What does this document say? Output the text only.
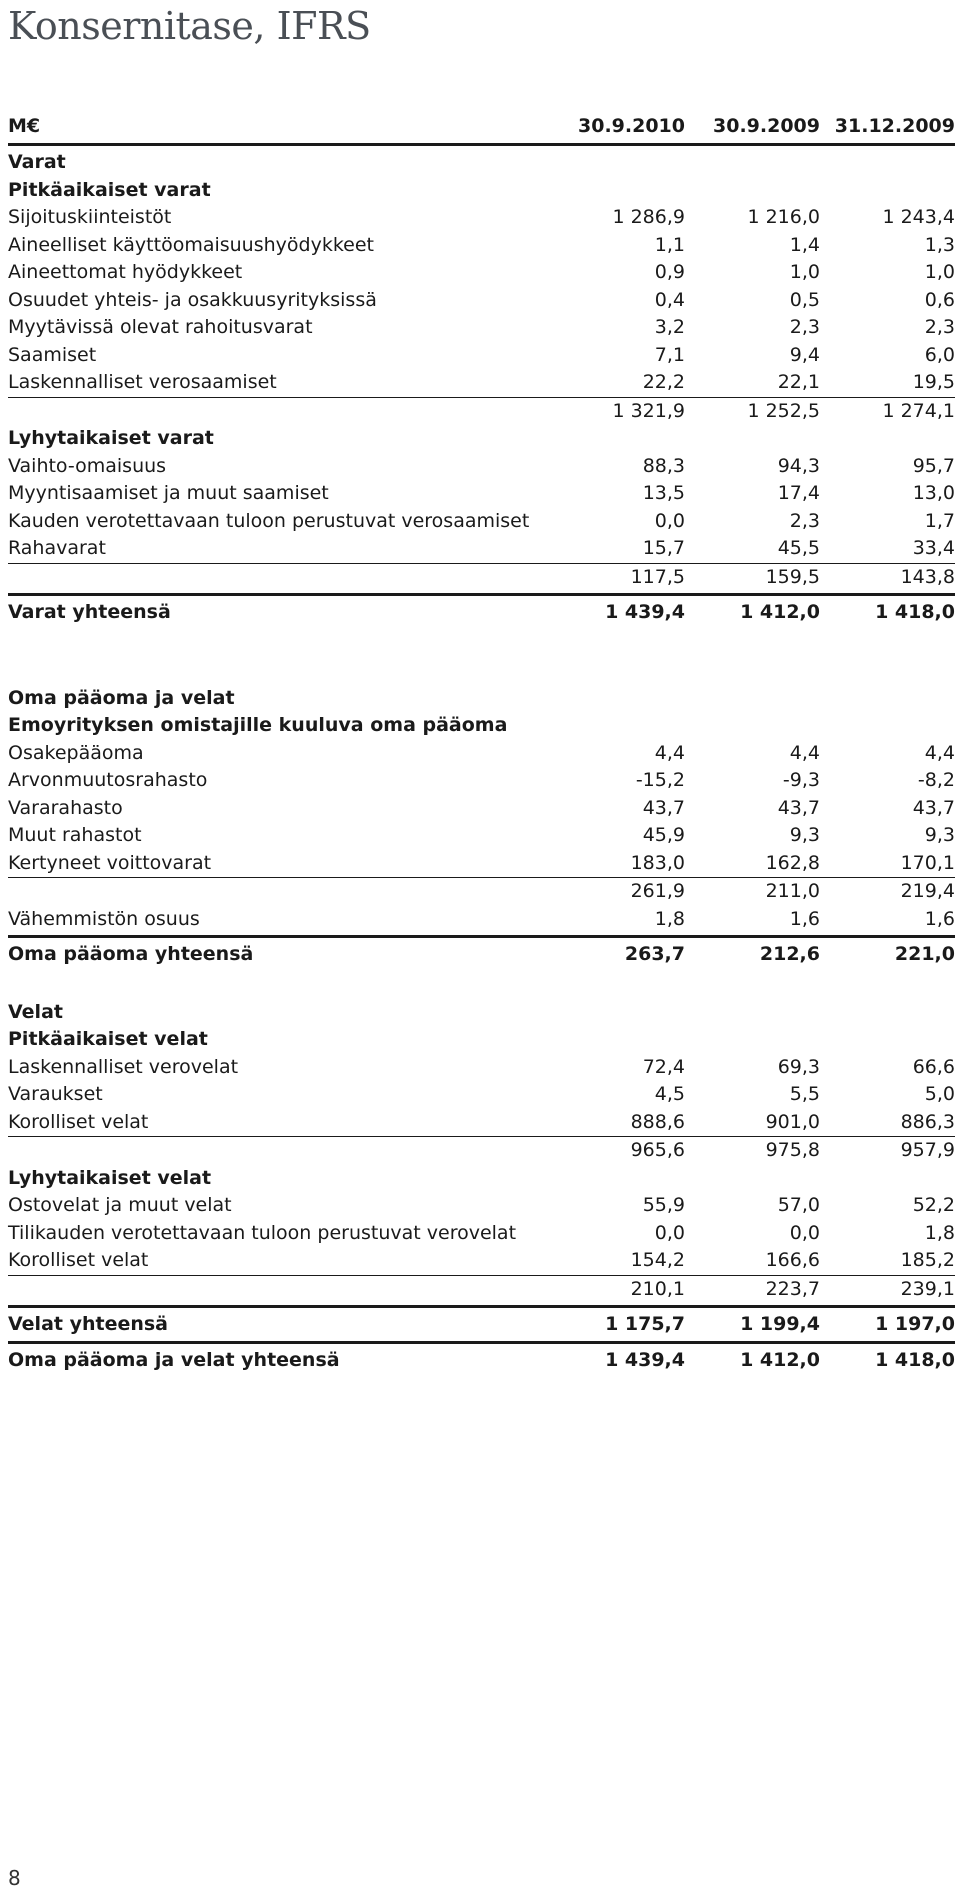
Konsernitase, IFRS
M€	30.9.2010	30.9.2009 31.12.2009
Varat
Pitkäaikaiset varat
Sijoituskiinteistöt	1 286,9	1 216,0	1 243,4
Aineelliset käyttöomaisuushyödykkeet	1,1	1,4	1,3
Aineettomat hyödykkeet	0,9	1,0	1,0
Osuudet yhteis- ja osakkuusyrityksissä	0,4	0,5	0,6
Myytävissä olevat rahoitusvarat	3,2	2,3	2,3
Saamiset	7,1	9,4	6,0
Laskennalliset verosaamiset	22,2	22,1	19,5
1 321,9	1 252,5	1 274,1
Lyhytaikaiset varat
Vaihto-omaisuus	88,3	94,3	95,7
Myyntisaamiset ja muut saamiset	13,5	17,4	13,0
Kauden verotettavaan tuloon perustuvat verosaamiset	0,0	2,3	1,7
Rahavarat	15,7	45,5	33,4
117,5	159,5	143,8
Varat yhteensä	1 439,4	1 412,0	1 418,0
Oma pääoma ja velat
Emoyrityksen omistajille kuuluva oma pääoma
Osakepääoma	4,4	4,4	4,4
Arvonmuutosrahasto	-15,2	-9,3	-8,2
Vararahasto	43,7	43,7	43,7
Muut rahastot	45,9	9,3	9,3
Kertyneet voittovarat	183,0	162,8	170,1
261,9	211,0	219,4
Vähemmistön osuus	1,8	1,6	1,6
Oma pääoma yhteensä	263,7	212,6	221,0
Velat
Pitkäaikaiset velat
Laskennalliset verovelat	72,4	69,3	66,6
Varaukset	4,5	5,5	5,0
Korolliset velat	888,6	901,0	886,3
965,6	975,8	957,9
Lyhytaikaiset velat
Ostovelat ja muut velat	55,9	57,0	52,2
Tilikauden verotettavaan tuloon perustuvat verovelat	0,0	0,0	1,8
Korolliset velat	154,2	166,6	185,2
210,1	223,7	239,1
Velat yhteensä	1 175,7	1 199,4	1 197,0
Oma pääoma ja velat yhteensä	1 439,4	1 412,0	1 418,0
8
